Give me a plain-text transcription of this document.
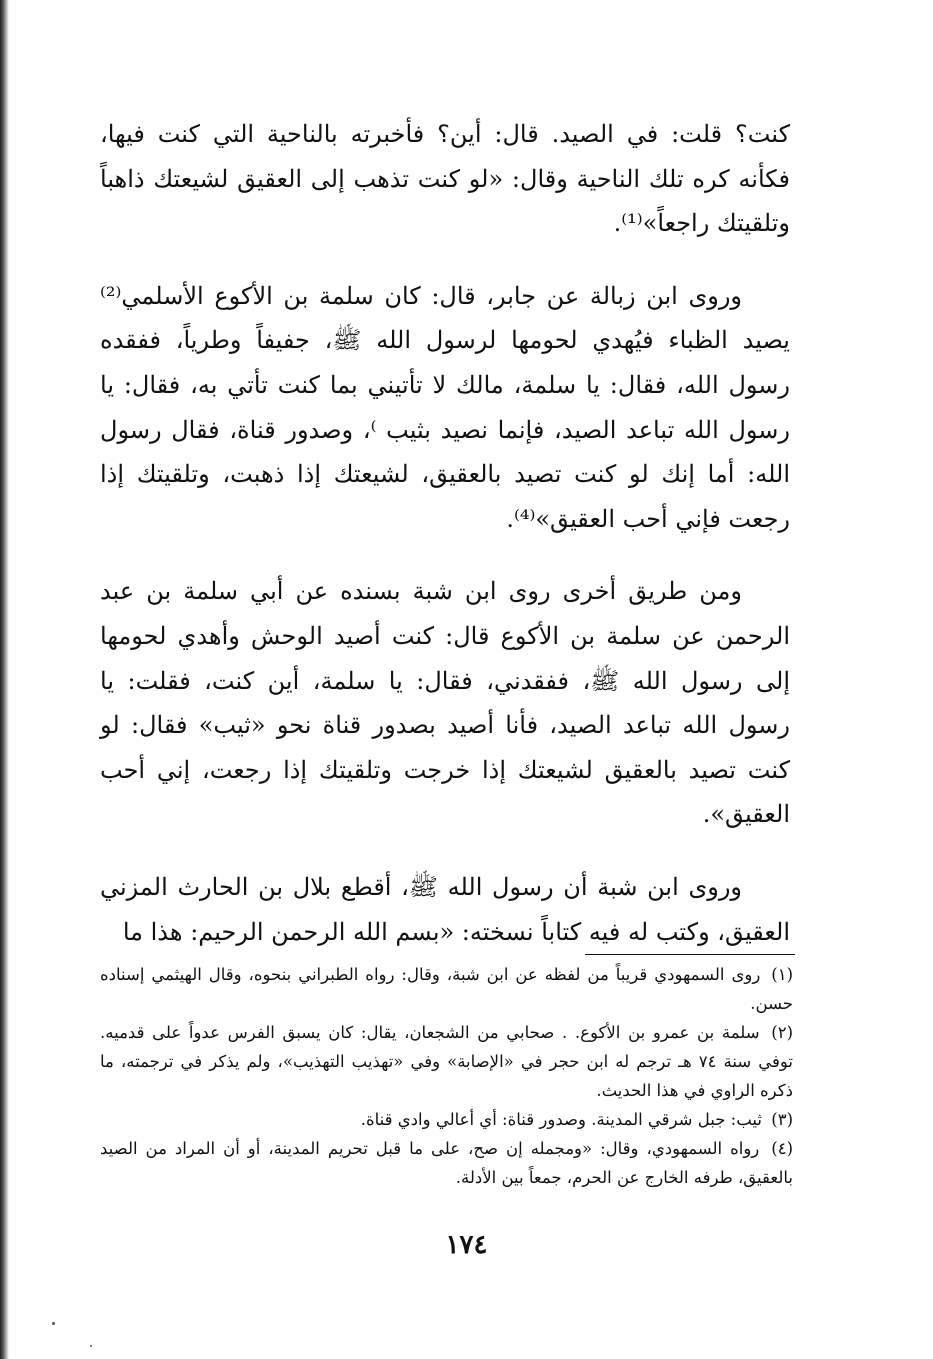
كنت؟ قلت: في الصيد. قال: أين؟ فأخبرته بالناحية التي كنت فيها، فكأنه كره تلك الناحية وقال: «لو كنت تذهب إلى العقيق لشيعتك ذاهباً وتلقيتك راجعاً»⁽¹⁾.

وروى ابن زبالة عن جابر، قال: كان سلمة بن الأكوع الأسلمي⁽²⁾ يصيد الظباء فيُهدي لحومها لرسول الله ﷺ، جفيفاً وطرياً، ففقده رسول الله، فقال: يا سلمة، مالك لا تأتيني بما كنت تأتي به، فقال: يا رسول الله تباعد الصيد، فإنما نصيد بثيب ⁾، وصدور قناة، فقال رسول الله: أما إنك لو كنت تصيد بالعقيق، لشيعتك إذا ذهبت، وتلقيتك إذا رجعت فإني أحب العقيق»⁽⁴⁾.

ومن طريق أخرى روى ابن شبة بسنده عن أبي سلمة بن عبد الرحمن عن سلمة بن الأكوع قال: كنت أصيد الوحش وأهدي لحومها إلى رسول الله ﷺ، ففقدني، فقال: يا سلمة، أين كنت، فقلت: يا رسول الله تباعد الصيد، فأنا أصيد بصدور قناة نحو «ثيب» فقال: لو كنت تصيد بالعقيق لشيعتك إذا خرجت وتلقيتك إذا رجعت، إني أحب العقيق».

وروى ابن شبة أن رسول الله ﷺ، أقطع بلال بن الحارث المزني العقيق، وكتب له فيه كتاباً نسخته: «بسم الله الرحمن الرحيم: هذا ما

(١) روى السمهودي قريباً من لفظه عن ابن شبة، وقال: رواه الطبراني بنحوه، وقال الهيثمي إسناده حسن.

(٢) سلمة بن عمرو بن الأكوع. . صحابي من الشجعان، يقال: كان يسبق الفرس عدواً على قدميه. توفي سنة ٧٤ هـ ترجم له ابن حجر في «الإصابة» وفي «تهذيب التهذيب»، ولم يذكر في ترجمته، ما ذكره الراوي في هذا الحديث.

(٣) ثيب: جبل شرقي المدينة. وصدور قناة: أي أعالي وادي قناة.

(٤) رواه السمهودي، وقال: «ومجمله إن صح، على ما قبل تحريم المدينة، أو أن المراد من الصيد بالعقيق، طرفه الخارج عن الحرم، جمعاً بين الأدلة.

١٧٤
